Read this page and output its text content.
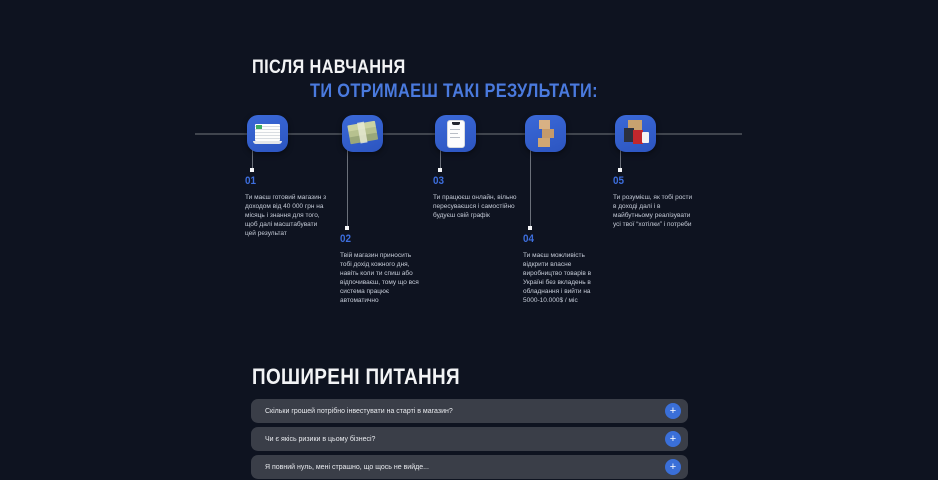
ПІСЛЯ НАВЧАННЯ
ТИ ОТРИМАЕШ ТАКІ РЕЗУЛЬТАТИ:
01
Ти маєш готовий магазин з доходом від 40 000 грн на місяць і знання для того, щоб далі масштабувати цей результат	02
Твій магазин приносить тобі дохід кожного дня, навіть коли ти спиш або відпочиваєш, тому що вся система працює автоматично
03
Ти працюєш онлайн, вільно пересуваєшся і самостійно будуєш свій графік
04
Ти маєш можливість відкрити власне виробництво товарів в Україні без вкладень в обладнання і вийти на 5000-10.000$ / міс
05
Ти розумієш, як тобі рости в доході далі і в майбутньому реалізувати усі твої “хотілки” і потреби
ПОШИРЕНІ ПИТАННЯ
Скільки грошей потрібно інвестувати на старті в магазин?	+
Чи є якісь ризики в цьому бізнесі?	+
Я повний нуль, мені страшно, що щось не вийде...	+
